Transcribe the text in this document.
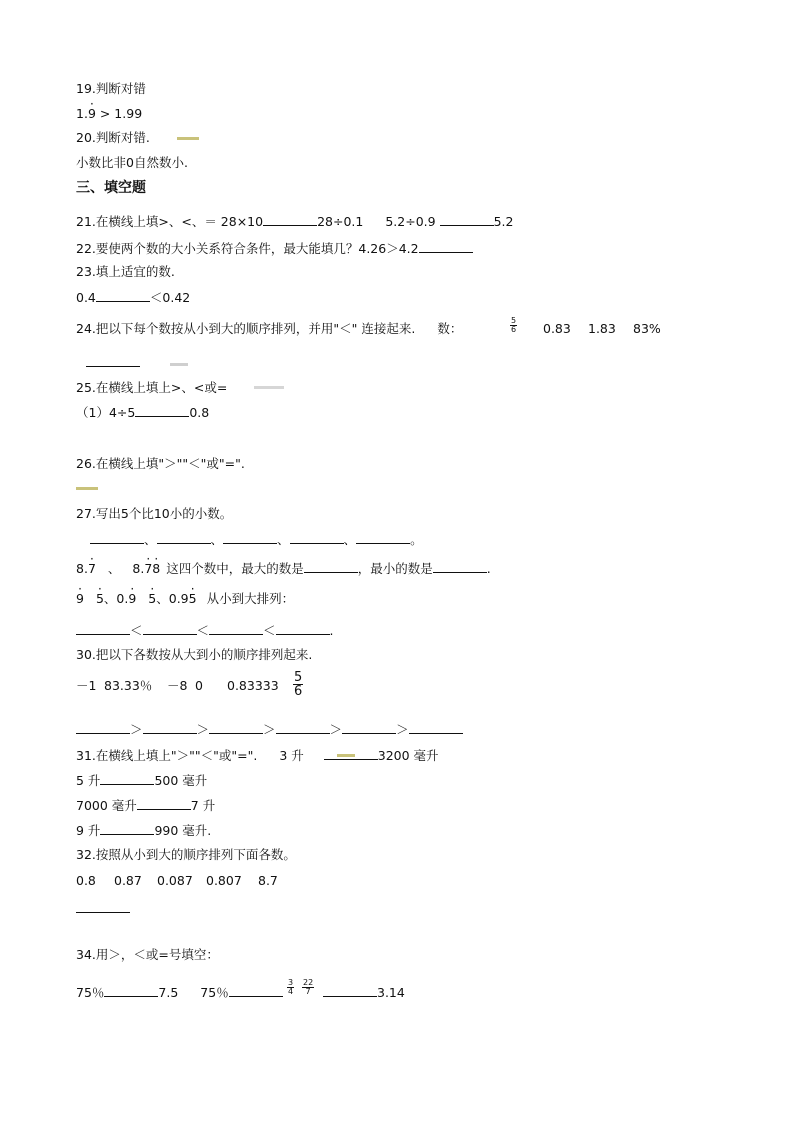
19.判断对错
1.· 9 > 1.99
20.判断对错.
小数比非0自然数小.
三、填空题
21.在横线上填>、<、＝ 28×10	28÷0.1 5.2÷0.9	5.2
22.要使两个数的大小关系符合条件，最大能填几？4.26＞4.2
23.填上适宜的数.
0.4	＜0.42
24.把以下每个数按从小到大的顺序排列，并用"＜" 连接起来. 数：	$\frac{5}{6} 0.83$ 1.83 83%
25.在横线上填上>、<或=
（1）4÷5	0.8
26.在横线上填"＞""＜"或"=".
27.写出5个比10小的小数。
、	、	、	、	。
8.· 7 、 8.· 7· 8 这四个数中，最大的数是	，最小的数是	.
· 9 · 5、0.· 9 · 5、0.9· 5 从小到大排列：
＜	＜	＜	.
30.把以下各数按从大到小的顺序排列起来.
－1 83.33％ －8 0 $0.83333 \frac{5}{6}$
＞	＞	＞	＞	＞
31.在横线上填上"＞""＜"或"=". 3 升	3200 毫升
5 升	500 毫升
7000 毫升	7 升
9 升	990 毫升.
32.按照从小到大的顺序排列下面各数。
0.8 0.87 0.087 0.807 8.7
34.用＞，＜或=号填空：
75％	7.5 75％	$\frac{3}{4} \frac{22}{7}$	3.14
